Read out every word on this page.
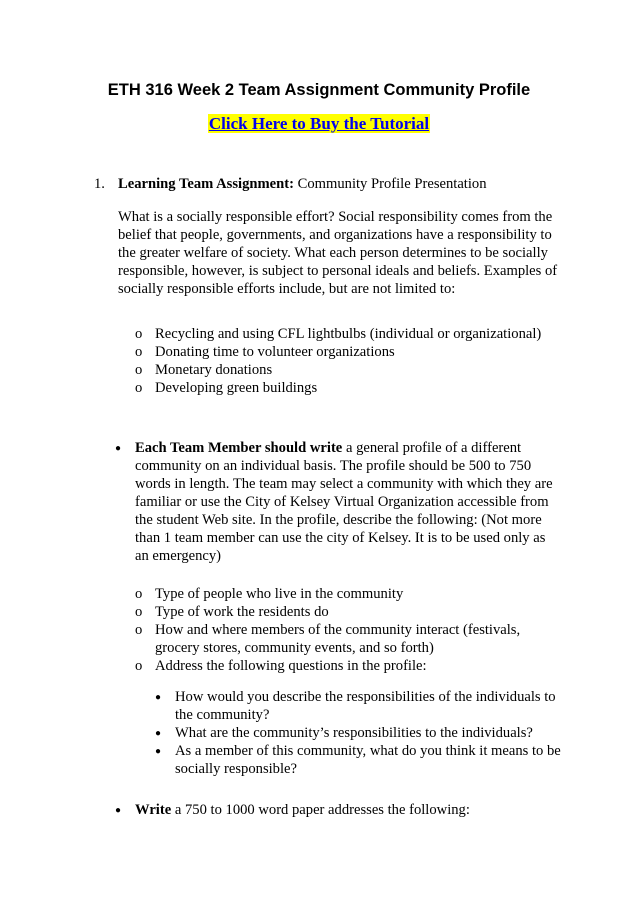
ETH 316 Week 2 Team Assignment Community Profile
Click Here to Buy the Tutorial
1. Learning Team Assignment: Community Profile Presentation

What is a socially responsible effort? Social responsibility comes from the belief that people, governments, and organizations have a responsibility to the greater welfare of society. What each person determines to be socially responsible, however, is subject to personal ideals and beliefs. Examples of socially responsible efforts include, but are not limited to:

o Recycling and using CFL lightbulbs (individual or organizational)
o Donating time to volunteer organizations
o Monetary donations
o Developing green buildings
● Each Team Member should write a general profile of a different community on an individual basis. The profile should be 500 to 750 words in length. The team may select a community with which they are familiar or use the City of Kelsey Virtual Organization accessible from the student Web site. In the profile, describe the following: (Not more than 1 team member can use the city of Kelsey. It is to be used only as an emergency)
o Type of people who live in the community
o Type of work the residents do
o How and where members of the community interact (festivals, grocery stores, community events, and so forth)
o Address the following questions in the profile:
● How would you describe the responsibilities of the individuals to the community?
● What are the community’s responsibilities to the individuals?
● As a member of this community, what do you think it means to be socially responsible?
● Write a 750 to 1000 word paper addresses the following:
